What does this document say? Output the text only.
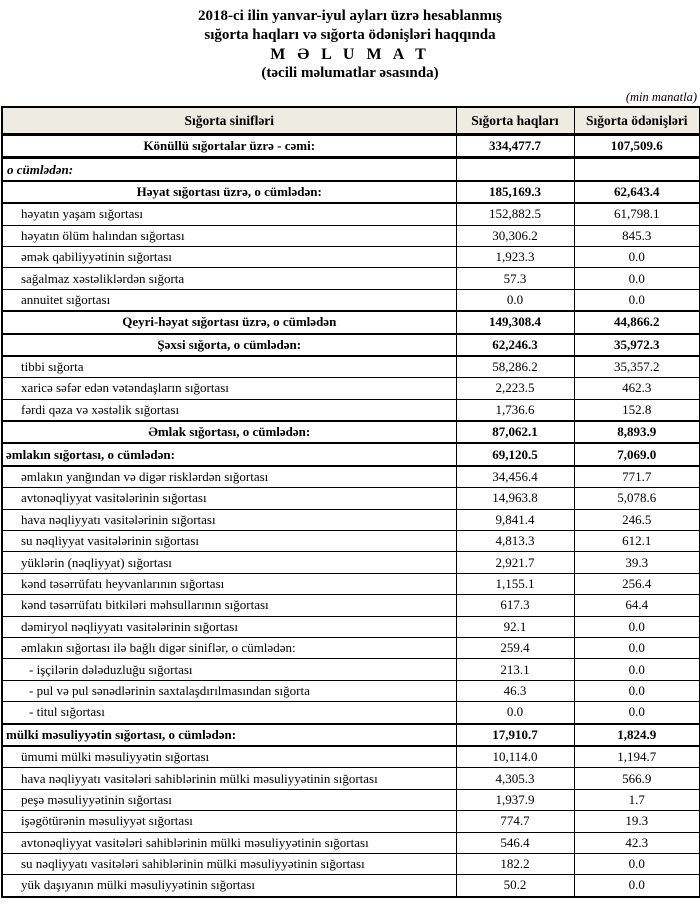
2018-ci ilin yanvar-iyul ayları üzrə hesablanmış
sığorta haqları və sığorta ödənişləri haqqında
M Ə L U M A T
(təcili məlumatlar əsasında)
(min manatla)
Sığorta sinifləri	Sığorta haqları	Sığorta ödənişləri
Könüllü sığortalar üzrə - cəmi:	334,477.7	107,509.6
o cümlədən:		
Həyat sığortası üzrə, o cümlədən:	185,169.3	62,643.4
həyatın yaşam sığortası	152,882.5	61,798.1
həyatın ölüm halından sığortası	30,306.2	845.3
əmək qabiliyyətinin sığortası	1,923.3	0.0
sağalmaz xəstəliklərdən sığorta	57.3	0.0
annuitet sığortası	0.0	0.0
Qeyri-həyat sığortası üzrə, o cümlədən	149,308.4	44,866.2
Şəxsi sığorta, o cümlədən:	62,246.3	35,972.3
tibbi sığorta	58,286.2	35,357.2
xaricə səfər edən vətəndaşların sığortası	2,223.5	462.3
fərdi qəza və xəstəlik sığortası	1,736.6	152.8
Əmlak sığortası, o cümlədən:	87,062.1	8,893.9
əmlakın sığortası, o cümlədən:	69,120.5	7,069.0
əmlakın yanğından və digər risklərdən sığortası	34,456.4	771.7
avtonəqliyyat vasitələrinin sığortası	14,963.8	5,078.6
hava nəqliyyatı vasitələrinin sığortası	9,841.4	246.5
su nəqliyyat vasitələrinin sığortası	4,813.3	612.1
yüklərin (nəqliyyat) sığortası	2,921.7	39.3
kənd təsərrüfatı heyvanlarının sığortası	1,155.1	256.4
kənd təsərrüfatı bitkiləri məhsullarının sığortası	617.3	64.4
dəmiryol nəqliyyatı vasitələrinin sığortası	92.1	0.0
əmlakın sığortası ilə bağlı digər siniflər, o cümlədən:	259.4	0.0
- işçilərin dələduzluğu sığortası	213.1	0.0
- pul və pul sənədlərinin saxtalaşdırılmasından sığorta	46.3	0.0
- titul sığortası	0.0	0.0
mülki məsuliyyətin sığortası, o cümlədən:	17,910.7	1,824.9
ümumi mülki məsuliyyətin sığortası	10,114.0	1,194.7
hava nəqliyyatı vasitələri sahiblərinin mülki məsuliyyətinin sığortası	4,305.3	566.9
peşə məsuliyyətinin sığortası	1,937.9	1.7
işəgötürənin məsuliyyət sığortası	774.7	19.3
avtonəqliyyat vasitələri sahiblərinin mülki məsuliyyətinin sığortası	546.4	42.3
su nəqliyyatı vasitələri sahiblərinin mülki məsuliyyətinin sığortası	182.2	0.0
yük daşıyanın mülki məsuliyyətinin sığortası	50.2	0.0
